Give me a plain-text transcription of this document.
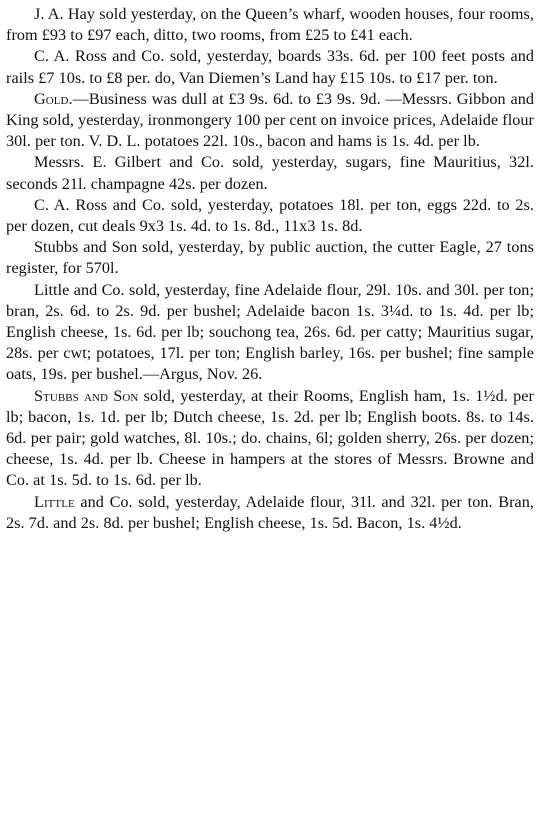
J. A. Hay sold yesterday, on the Queen’s wharf, wooden houses, four rooms, from £93 to £97 each, ditto, two rooms, from £25 to £41 each.

C. A. Ross and Co. sold, yesterday, boards 33s. 6d. per 100 feet posts and rails £7 10s. to £8 per. do, Van Diemen’s Land hay £15 10s. to £17 per. ton.

Gold.—Business was dull at £3 9s. 6d. to £3 9s. 9d. —Messrs. Gibbon and King sold, yesterday, ironmongery 100 per cent on invoice prices, Adelaide flour 30l. per ton. V. D. L. potatoes 22l. 10s., bacon and hams is 1s. 4d. per lb.

Messrs. E. Gilbert and Co. sold, yesterday, sugars, fine Mauritius, 32l. seconds 21l. champagne 42s. per dozen.

C. A. Ross and Co. sold, yesterday, potatoes 18l. per ton, eggs 22d. to 2s. per dozen, cut deals 9x3 1s. 4d. to 1s. 8d., 11x3 1s. 8d.

Stubbs and Son sold, yesterday, by public auction, the cutter Eagle, 27 tons register, for 570l.

Little and Co. sold, yesterday, fine Adelaide flour, 29l. 10s. and 30l. per ton; bran, 2s. 6d. to 2s. 9d. per bushel; Adelaide bacon 1s. 3¼d. to 1s. 4d. per lb; English cheese, 1s. 6d. per lb; souchong tea, 26s. 6d. per catty; Mauritius sugar, 28s. per cwt; potatoes, 17l. per ton; English barley, 16s. per bushel; fine sample oats, 19s. per bushel.—Argus, Nov. 26.

Stubbs and Son sold, yesterday, at their Rooms, English ham, 1s. 1½d. per lb; bacon, 1s. 1d. per lb; Dutch cheese, 1s. 2d. per lb; English boots. 8s. to 14s. 6d. per pair; gold watches, 8l. 10s.; do. chains, 6l; golden sherry, 26s. per dozen; cheese, 1s. 4d. per lb. Cheese in hampers at the stores of Messrs. Browne and Co. at 1s. 5d. to 1s. 6d. per lb.

Little and Co. sold, yesterday, Adelaide flour, 31l. and 32l. per ton. Bran, 2s. 7d. and 2s. 8d. per bushel; English cheese, 1s. 5d. Bacon, 1s. 4½d.
